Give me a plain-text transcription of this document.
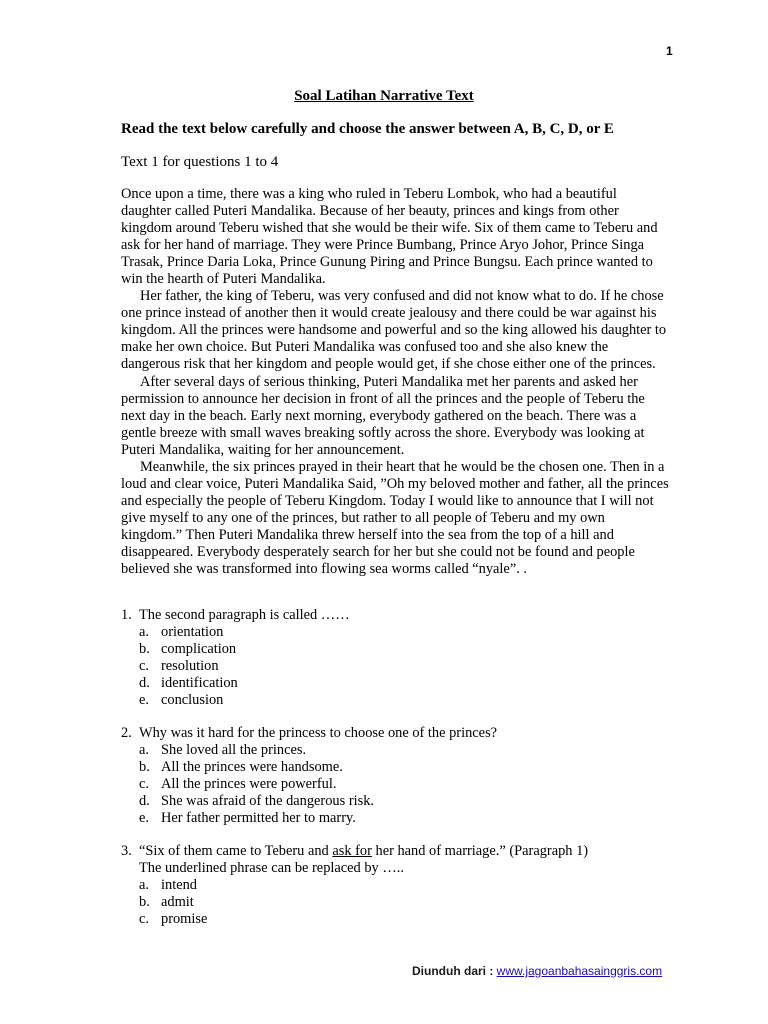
1
Soal Latihan Narrative Text
Read the text below carefully and choose the answer between A, B, C, D, or E
Text 1 for questions 1 to 4

Once upon a time, there was a king who ruled in Teberu Lombok, who had a beautiful daughter called Puteri Mandalika. Because of her beauty, princes and kings from other kingdom around Teberu wished that she would be their wife. Six of them came to Teberu and ask for her hand of marriage. They were Prince Bumbang, Prince Aryo Johor, Prince Singa Trasak, Prince Daria Loka, Prince Gunung Piring and Prince Bungsu. Each prince wanted to win the hearth of Puteri Mandalika.

Her father, the king of Teberu, was very confused and did not know what to do. If he chose one prince instead of another then it would create jealousy and there could be war against his kingdom. All the princes were handsome and powerful and so the king allowed his daughter to make her own choice. But Puteri Mandalika was confused too and she also knew the dangerous risk that her kingdom and people would get, if she chose either one of the princes.

After several days of serious thinking, Puteri Mandalika met her parents and asked her permission to announce her decision in front of all the princes and the people of Teberu the next day in the beach. Early next morning, everybody gathered on the beach. There was a gentle breeze with small waves breaking softly across the shore. Everybody was looking at Puteri Mandalika, waiting for her announcement.

Meanwhile, the six princes prayed in their heart that he would be the chosen one. Then in a loud and clear voice, Puteri Mandalika Said, ”Oh my beloved mother and father, all the princes and especially the people of Teberu Kingdom. Today I would like to announce that I will not give myself to any one of the princes, but rather to all people of Teberu and my own kingdom.” Then Puteri Mandalika threw herself into the sea from the top of a hill and disappeared. Everybody desperately search for her but she could not be found and people believed she was transformed into flowing sea worms called “nyale”. .

1. The second paragraph is called ……
a. orientation
b. complication
c. resolution
d. identification
e. conclusion
2. Why was it hard for the princess to choose one of the princes?
a. She loved all the princes.
b. All the princes were handsome.
c. All the princes were powerful.
d. She was afraid of the dangerous risk.
e. Her father permitted her to marry.
3. “Six of them came to Teberu and ask for her hand of marriage.” (Paragraph 1)
The underlined phrase can be replaced by …..
a. intend
b. admit
c. promise
Diunduh dari : www.jagoanbahasainggris.com
